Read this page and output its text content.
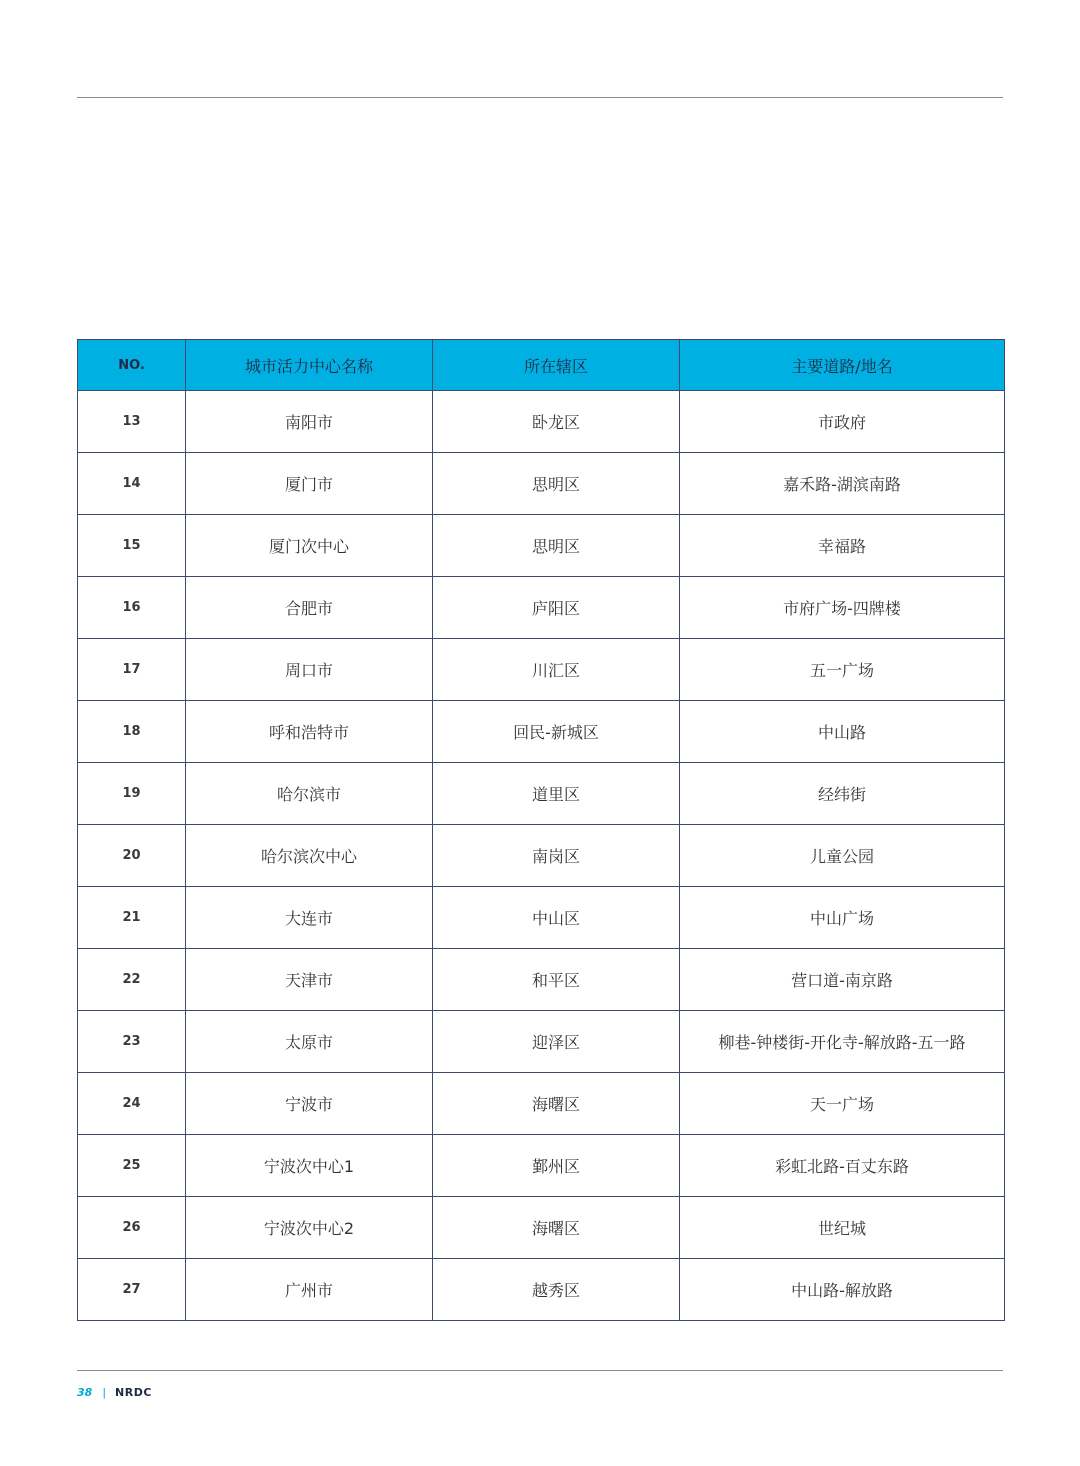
NO.	城市活力中心名称	所在辖区	主要道路/地名
13	南阳市	卧龙区	市政府
14	厦门市	思明区	嘉禾路-湖滨南路
15	厦门次中心	思明区	幸福路
16	合肥市	庐阳区	市府广场-四牌楼
17	周口市	川汇区	五一广场
18	呼和浩特市	回民-新城区	中山路
19	哈尔滨市	道里区	经纬街
20	哈尔滨次中心	南岗区	儿童公园
21	大连市	中山区	中山广场
22	天津市	和平区	营口道-南京路
23	太原市	迎泽区	柳巷-钟楼街-开化寺-解放路-五一路
24	宁波市	海曙区	天一广场
25	宁波次中心1	鄞州区	彩虹北路-百丈东路
26	宁波次中心2	海曙区	世纪城
27	广州市	越秀区	中山路-解放路
38 | NRDC
